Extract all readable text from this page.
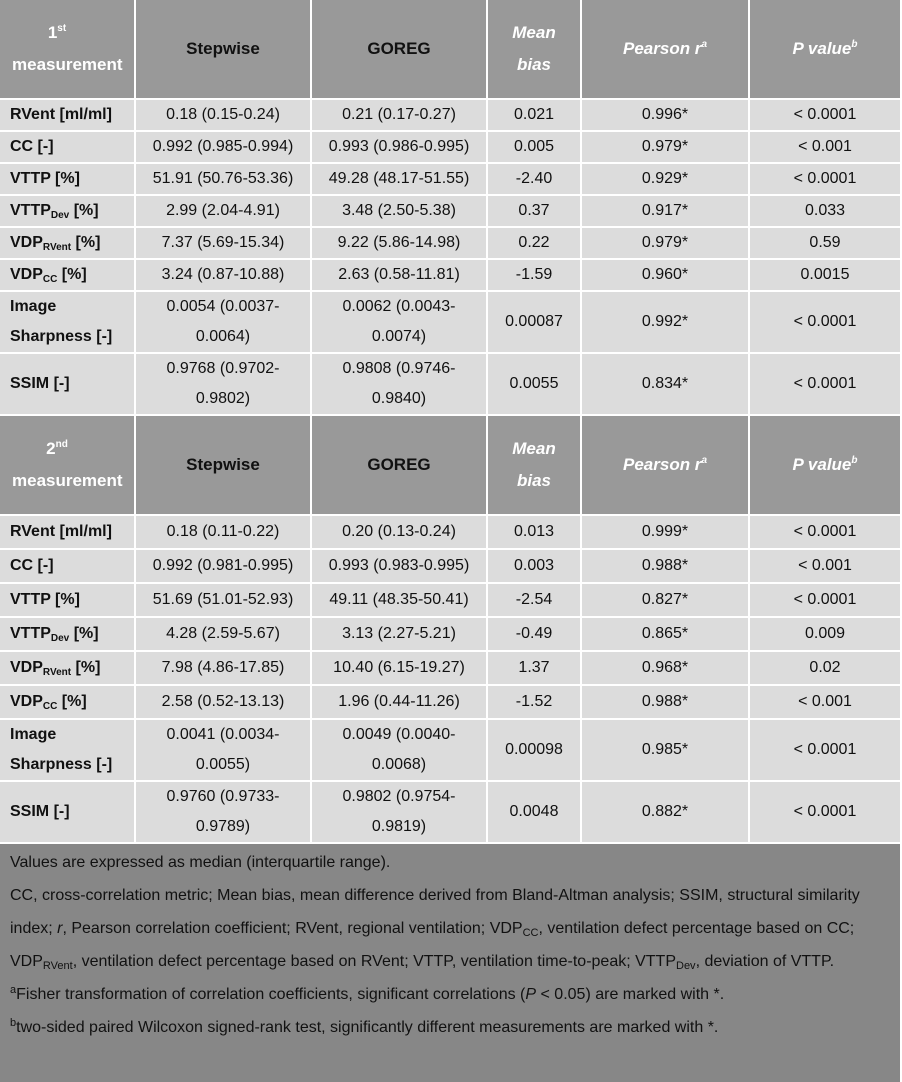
1st
measurement	Stepwise	GOREG	Mean bias	Pearson $r^a$	P value$^b$
RVent [ml/ml]	0.18 (0.15-0.24)	0.21 (0.17-0.27)	0.021	0.996*	< 0.0001
CC [-]	0.992 (0.985-0.994)	0.993 (0.986-0.995)	0.005	0.979*	< 0.001
VTTP [%]	51.91 (50.76-53.36)	49.28 (48.17-51.55)	-2.40	0.929*	< 0.0001
$VTTP_{Dev}$ [%]	2.99 (2.04-4.91)	3.48 (2.50-5.38)	0.37	0.917*	0.033
$VDP_{RVent}$ [%]	7.37 (5.69-15.34)	9.22 (5.86-14.98)	0.22	0.979*	0.59
$VDP_{CC}$ [%]	3.24 (0.87-10.88)	2.63 (0.58-11.81)	-1.59	0.960*	0.0015
Image Sharpness [-]	0.0054 (0.0037-0.0064)	0.0062 (0.0043-0.0074)	0.00087	0.992*	< 0.0001
SSIM [-]	0.9768 (0.9702-0.9802)	0.9808 (0.9746-0.9840)	0.0055	0.834*	< 0.0001

2nd
measurement	Stepwise	GOREG	Mean bias	Pearson $r^a$	P value$^b$
RVent [ml/ml]	0.18 (0.11-0.22)	0.20 (0.13-0.24)	0.013	0.999*	< 0.0001
CC [-]	0.992 (0.981-0.995)	0.993 (0.983-0.995)	0.003	0.988*	< 0.001
VTTP [%]	51.69 (51.01-52.93)	49.11 (48.35-50.41)	-2.54	0.827*	< 0.0001
$VTTP_{Dev}$ [%]	4.28 (2.59-5.67)	3.13 (2.27-5.21)	-0.49	0.865*	0.009
$VDP_{RVent}$ [%]	7.98 (4.86-17.85)	10.40 (6.15-19.27)	1.37	0.968*	0.02
$VDP_{CC}$ [%]	2.58 (0.52-13.13)	1.96 (0.44-11.26)	-1.52	0.988*	< 0.001
Image Sharpness [-]	0.0041 (0.0034-0.0055)	0.0049 (0.0040-0.0068)	0.00098	0.985*	< 0.0001
SSIM [-]	0.9760 (0.9733-0.9789)	0.9802 (0.9754-0.9819)	0.0048	0.882*	< 0.0001

Values are expressed as median (interquartile range).

CC, cross-correlation metric; Mean bias, mean difference derived from Bland-Altman analysis; SSIM, structural similarity index; r, Pearson correlation coefficient; RVent, regional ventilation; VDPCC, ventilation defect percentage based on CC; VDPRVent, ventilation defect percentage based on RVent; VTTP, ventilation time-to-peak; VTTPDev, deviation of VTTP.

$^a$Fisher transformation of correlation coefficients, significant correlations (P < 0.05) are marked with *.

$^b$two-sided paired Wilcoxon signed-rank test, significantly different measurements are marked with *.
